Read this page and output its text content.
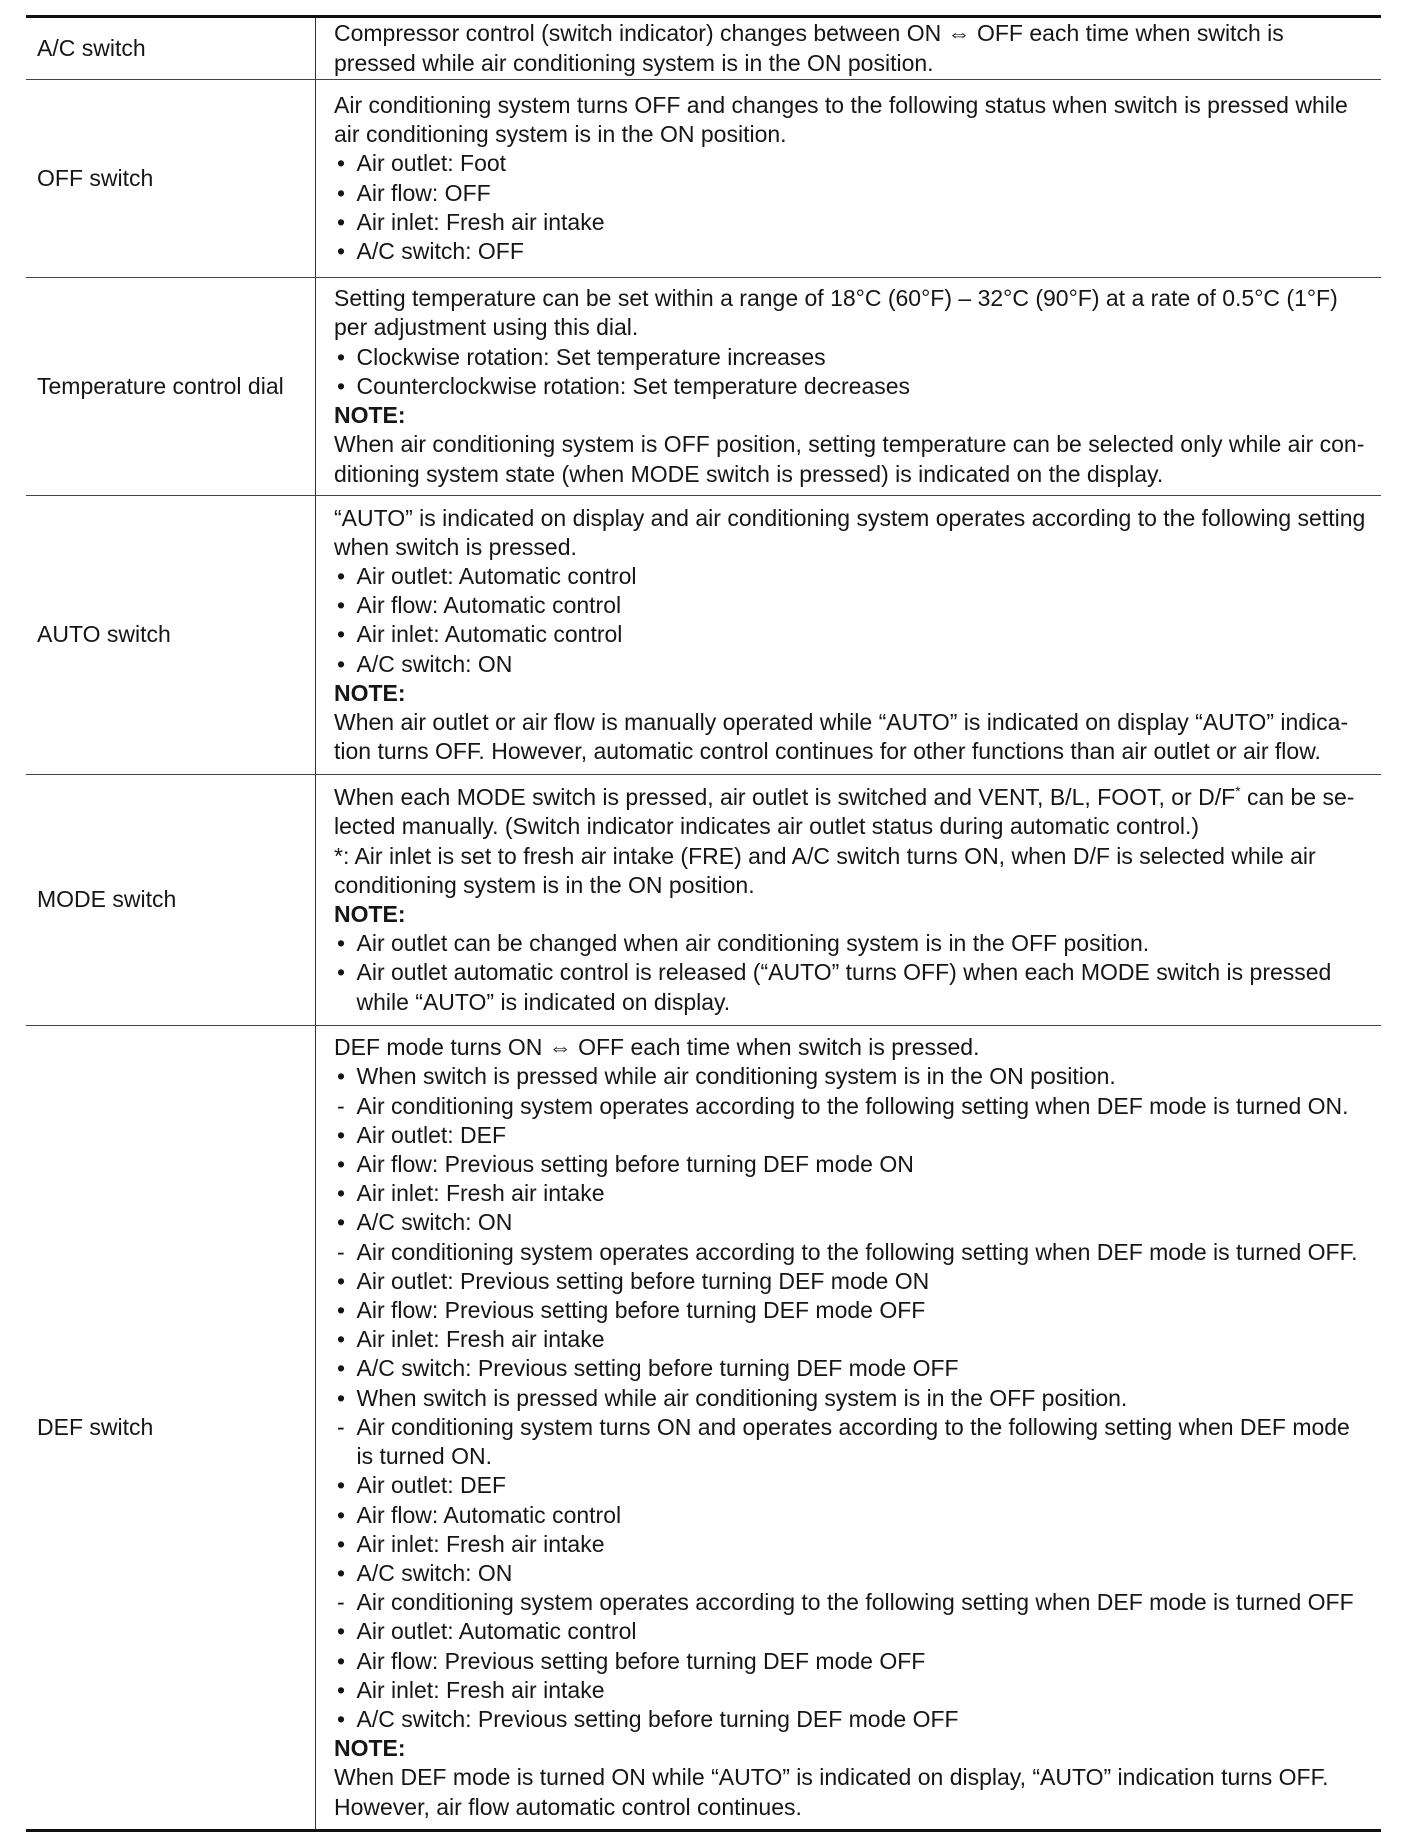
A/C switch
Compressor control (switch indicator) changes between ON ⇔ OFF each time when switch is
pressed while air conditioning system is in the ON position.
OFF switch
Air conditioning system turns OFF and changes to the following status when switch is pressed while
air conditioning system is in the ON position.
• Air outlet: Foot
• Air flow: OFF
• Air inlet: Fresh air intake
• A/C switch: OFF
Temperature control dial
Setting temperature can be set within a range of 18°C (60°F) – 32°C (90°F) at a rate of 0.5°C (1°F)
per adjustment using this dial.
• Clockwise rotation: Set temperature increases
• Counterclockwise rotation: Set temperature decreases
NOTE:
When air conditioning system is OFF position, setting temperature can be selected only while air con-
ditioning system state (when MODE switch is pressed) is indicated on the display.
AUTO switch
“AUTO” is indicated on display and air conditioning system operates according to the following setting
when switch is pressed.
• Air outlet: Automatic control
• Air flow: Automatic control
• Air inlet: Automatic control
• A/C switch: ON
NOTE:
When air outlet or air flow is manually operated while “AUTO” is indicated on display “AUTO” indica-
tion turns OFF. However, automatic control continues for other functions than air outlet or air flow.
MODE switch
When each MODE switch is pressed, air outlet is switched and VENT, B/L, FOOT, or D/F* can be se-
lected manually. (Switch indicator indicates air outlet status during automatic control.)
*: Air inlet is set to fresh air intake (FRE) and A/C switch turns ON, when D/F is selected while air
conditioning system is in the ON position.
NOTE:
• Air outlet can be changed when air conditioning system is in the OFF position.
• Air outlet automatic control is released (“AUTO” turns OFF) when each MODE switch is pressed
while “AUTO” is indicated on display.
DEF switch
DEF mode turns ON ⇔ OFF each time when switch is pressed.
• When switch is pressed while air conditioning system is in the ON position.
- Air conditioning system operates according to the following setting when DEF mode is turned ON.
• Air outlet: DEF
• Air flow: Previous setting before turning DEF mode ON
• Air inlet: Fresh air intake
• A/C switch: ON
- Air conditioning system operates according to the following setting when DEF mode is turned OFF.
• Air outlet: Previous setting before turning DEF mode ON
• Air flow: Previous setting before turning DEF mode OFF
• Air inlet: Fresh air intake
• A/C switch: Previous setting before turning DEF mode OFF
• When switch is pressed while air conditioning system is in the OFF position.
- Air conditioning system turns ON and operates according to the following setting when DEF mode
is turned ON.
• Air outlet: DEF
• Air flow: Automatic control
• Air inlet: Fresh air intake
• A/C switch: ON
- Air conditioning system operates according to the following setting when DEF mode is turned OFF
• Air outlet: Automatic control
• Air flow: Previous setting before turning DEF mode OFF
• Air inlet: Fresh air intake
• A/C switch: Previous setting before turning DEF mode OFF
NOTE:
When DEF mode is turned ON while “AUTO” is indicated on display, “AUTO” indication turns OFF.
However, air flow automatic control continues.
